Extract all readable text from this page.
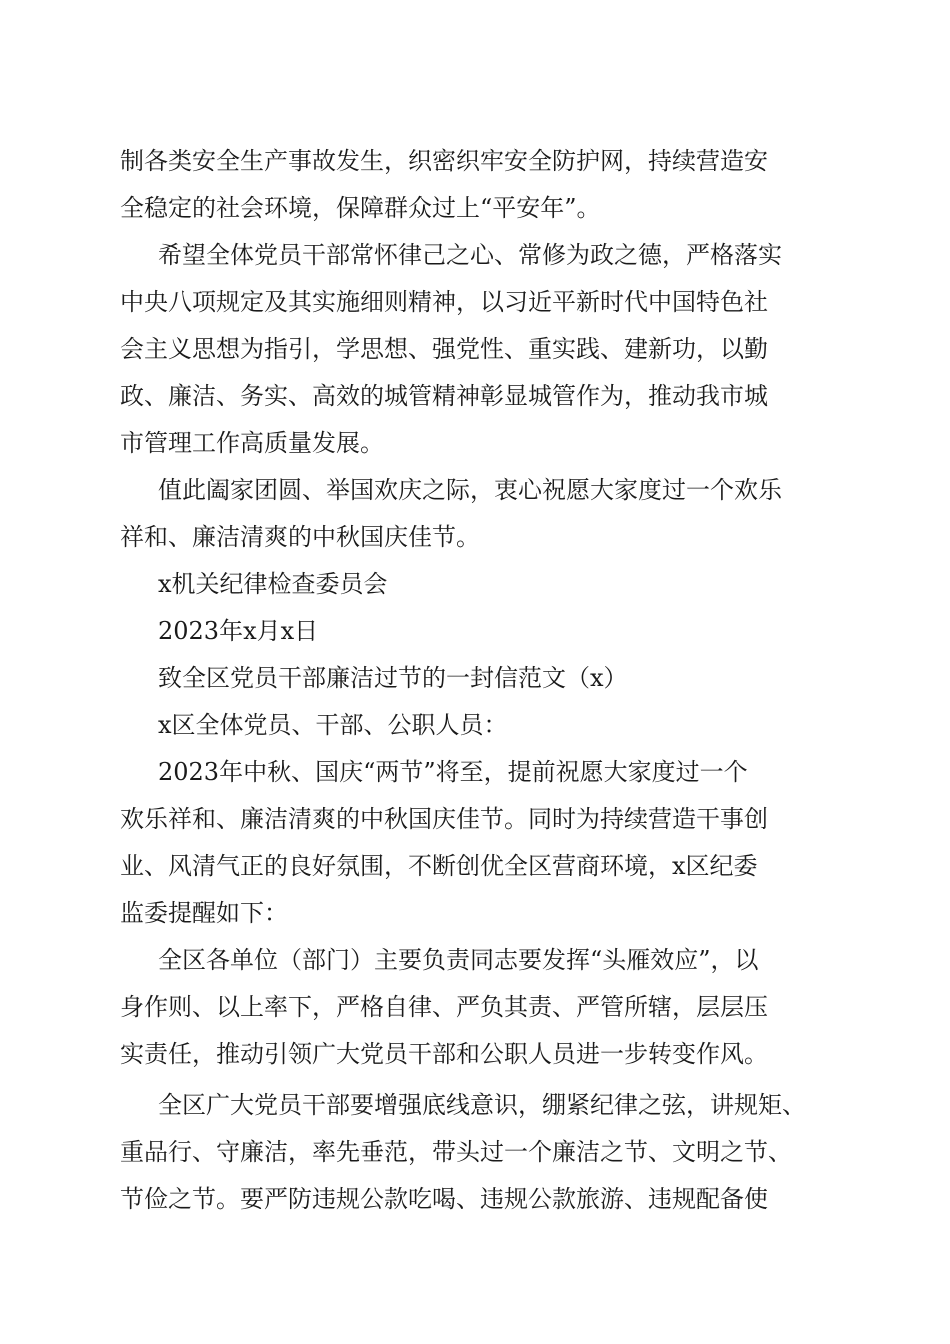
制各类安全生产事故发生，织密织牢安全防护网，持续营造安
全稳定的社会环境，保障群众过上“平安年”。
希望全体党员干部常怀律己之心、常修为政之德，严格落实
中央八项规定及其实施细则精神，以习近平新时代中国特色社
会主义思想为指引，学思想、强党性、重实践、建新功，以勤
政、廉洁、务实、高效的城管精神彰显城管作为，推动我市城
市管理工作高质量发展。
值此阖家团圆、举国欢庆之际，衷心祝愿大家度过一个欢乐
祥和、廉洁清爽的中秋国庆佳节。
x机关纪律检查委员会
2023年x月x日
致全区党员干部廉洁过节的一封信范文（x）
x区全体党员、干部、公职人员：
2023年中秋、国庆“两节”将至，提前祝愿大家度过一个
欢乐祥和、廉洁清爽的中秋国庆佳节。同时为持续营造干事创
业、风清气正的良好氛围，不断创优全区营商环境，x区纪委
监委提醒如下：
全区各单位（部门）主要负责同志要发挥“头雁效应”，以
身作则、以上率下，严格自律、严负其责、严管所辖，层层压
实责任，推动引领广大党员干部和公职人员进一步转变作风。
全区广大党员干部要增强底线意识，绷紧纪律之弦，讲规矩、
重品行、守廉洁，率先垂范，带头过一个廉洁之节、文明之节、
节俭之节。要严防违规公款吃喝、违规公款旅游、违规配备使
